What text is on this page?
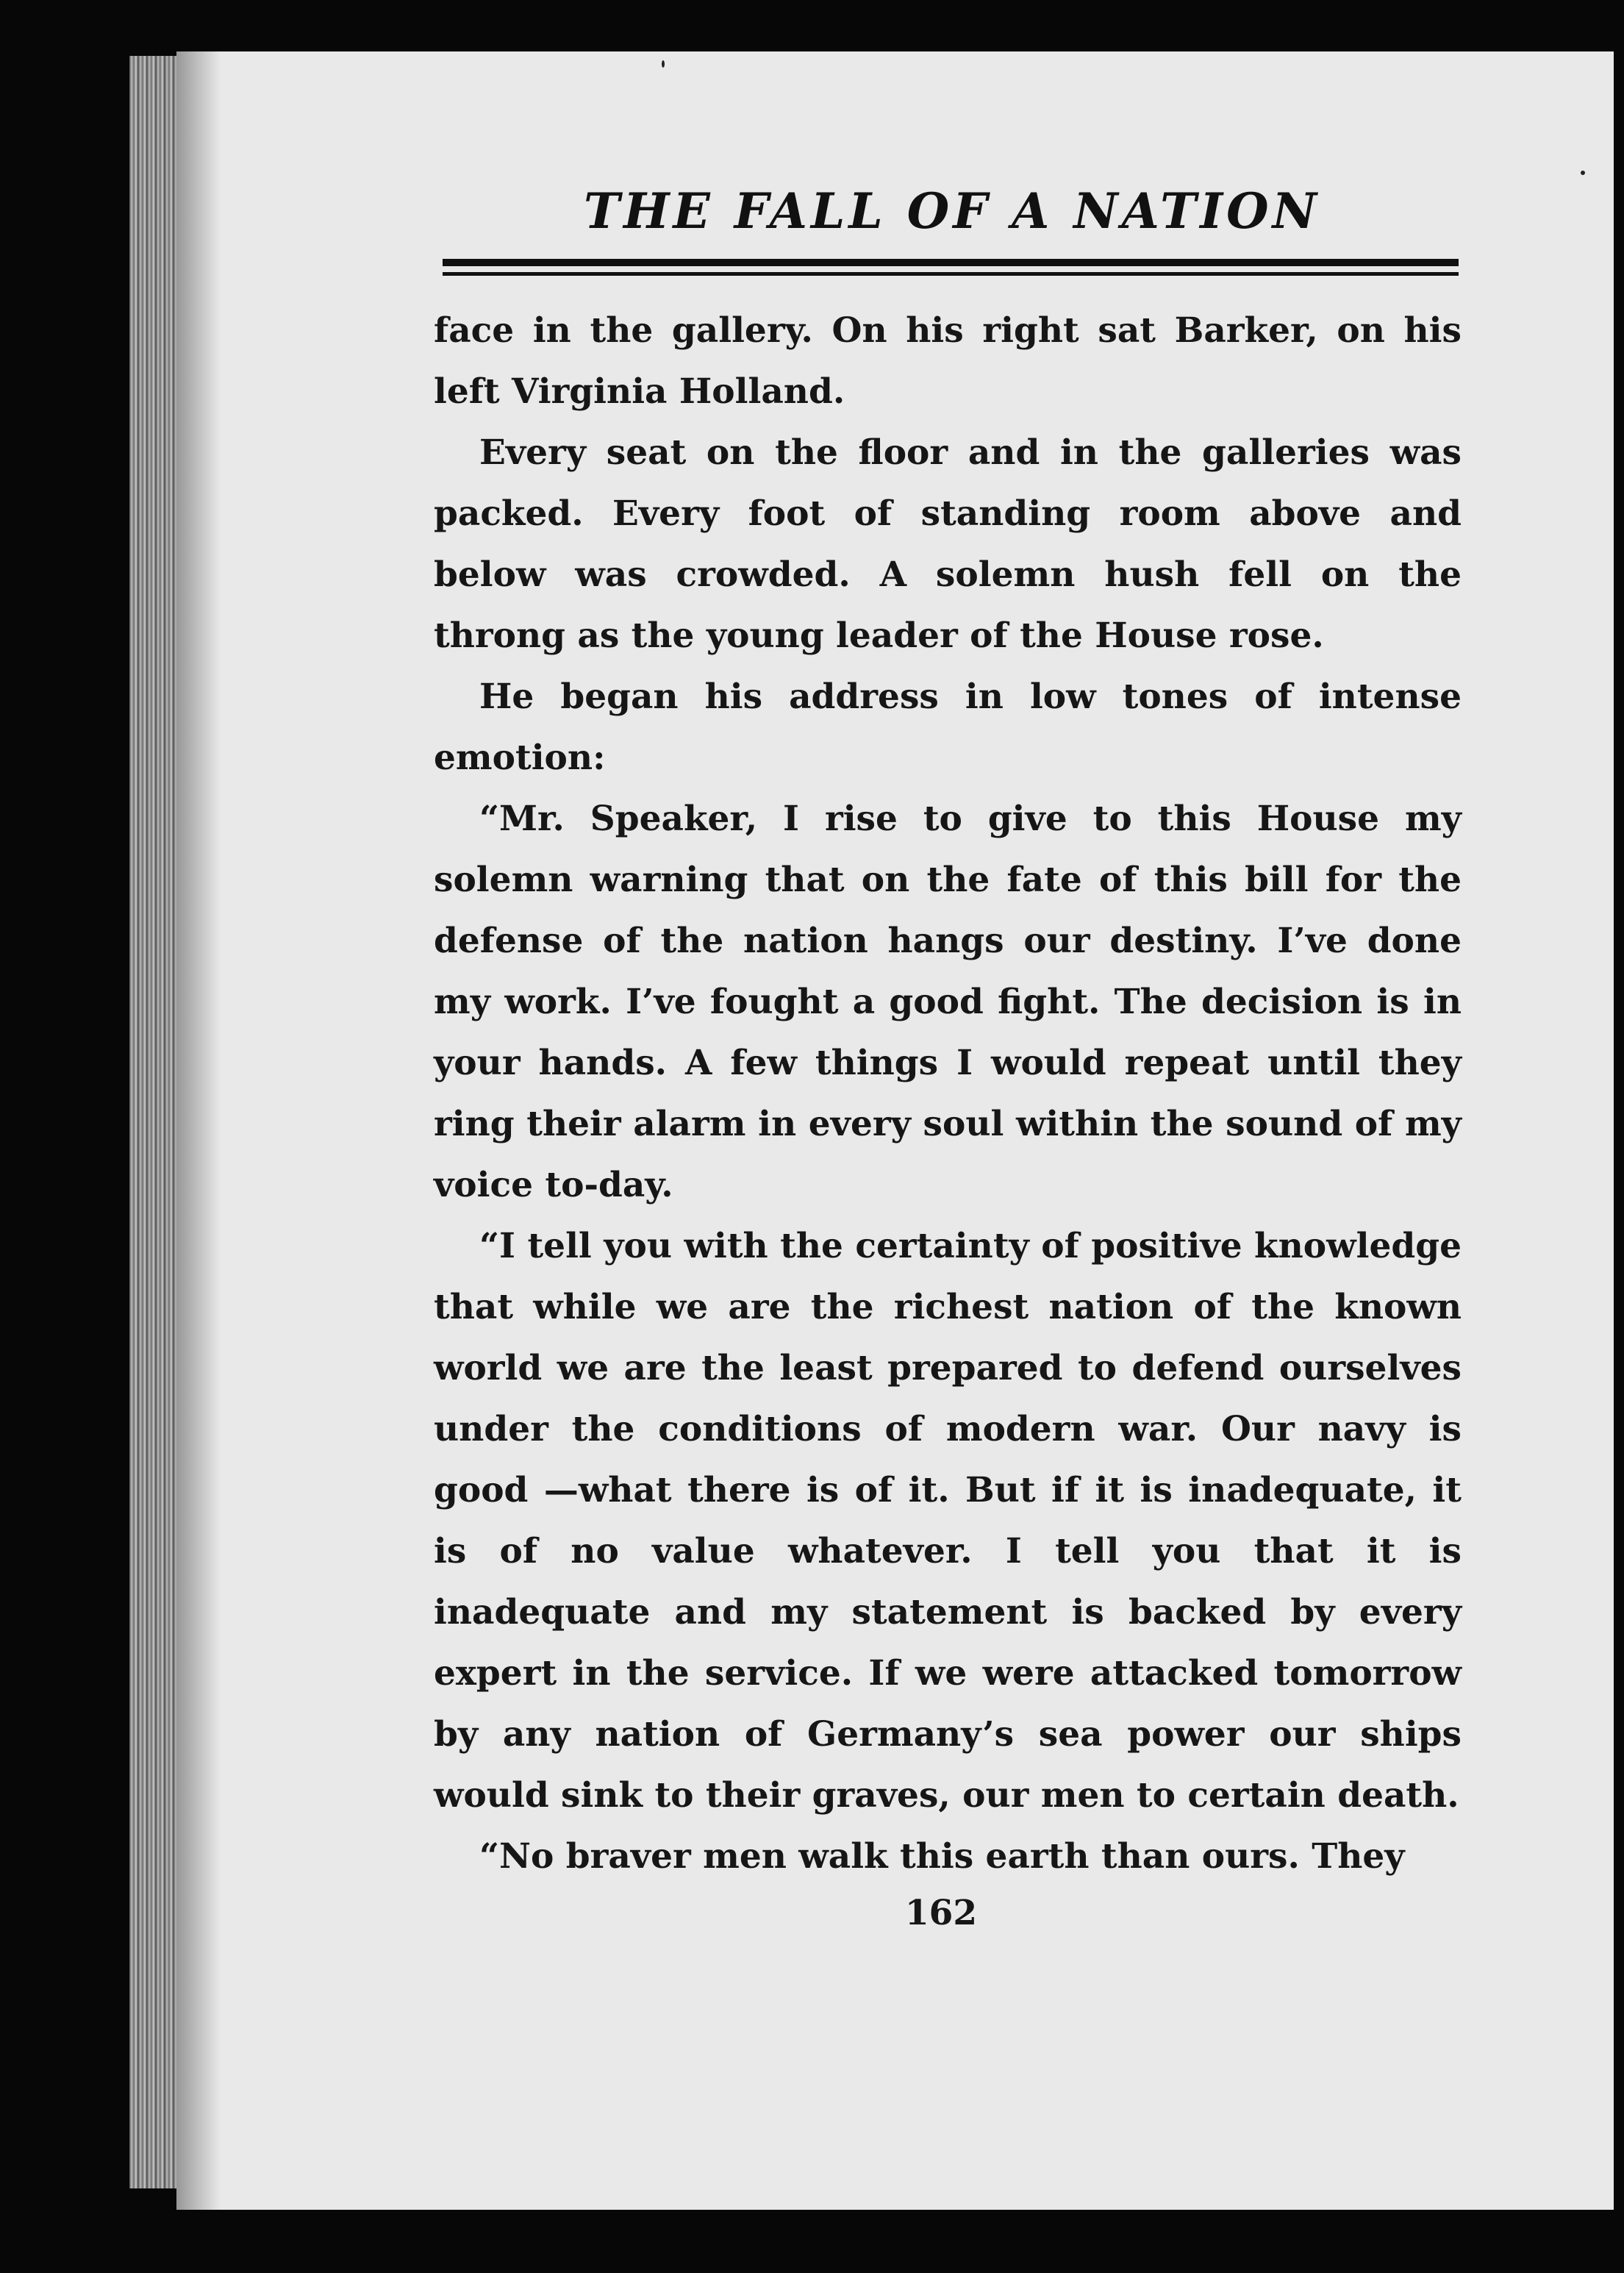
THE FALL OF A NATION

face in the gallery. On his right sat Barker, on his left Virginia Holland.

Every seat on the floor and in the galleries was packed. Every foot of standing room above and below was crowded. A solemn hush fell on the throng as the young leader of the House rose.

He began his address in low tones of intense emotion:

“Mr. Speaker, I rise to give to this House my solemn warning that on the fate of this bill for the defense of the nation hangs our destiny. I’ve done my work. I’ve fought a good fight. The decision is in your hands. A few things I would repeat until they ring their alarm in every soul within the sound of my voice to-day.

“I tell you with the certainty of positive knowledge that while we are the richest nation of the known world we are the least prepared to defend ourselves under the conditions of modern war. Our navy is good —what there is of it. But if it is inadequate, it is of no value whatever. I tell you that it is inadequate and my statement is backed by every expert in the service. If we were attacked tomorrow by any nation of Germany’s sea power our ships would sink to their graves, our men to certain death.

“No braver men walk this earth than ours. They

162
